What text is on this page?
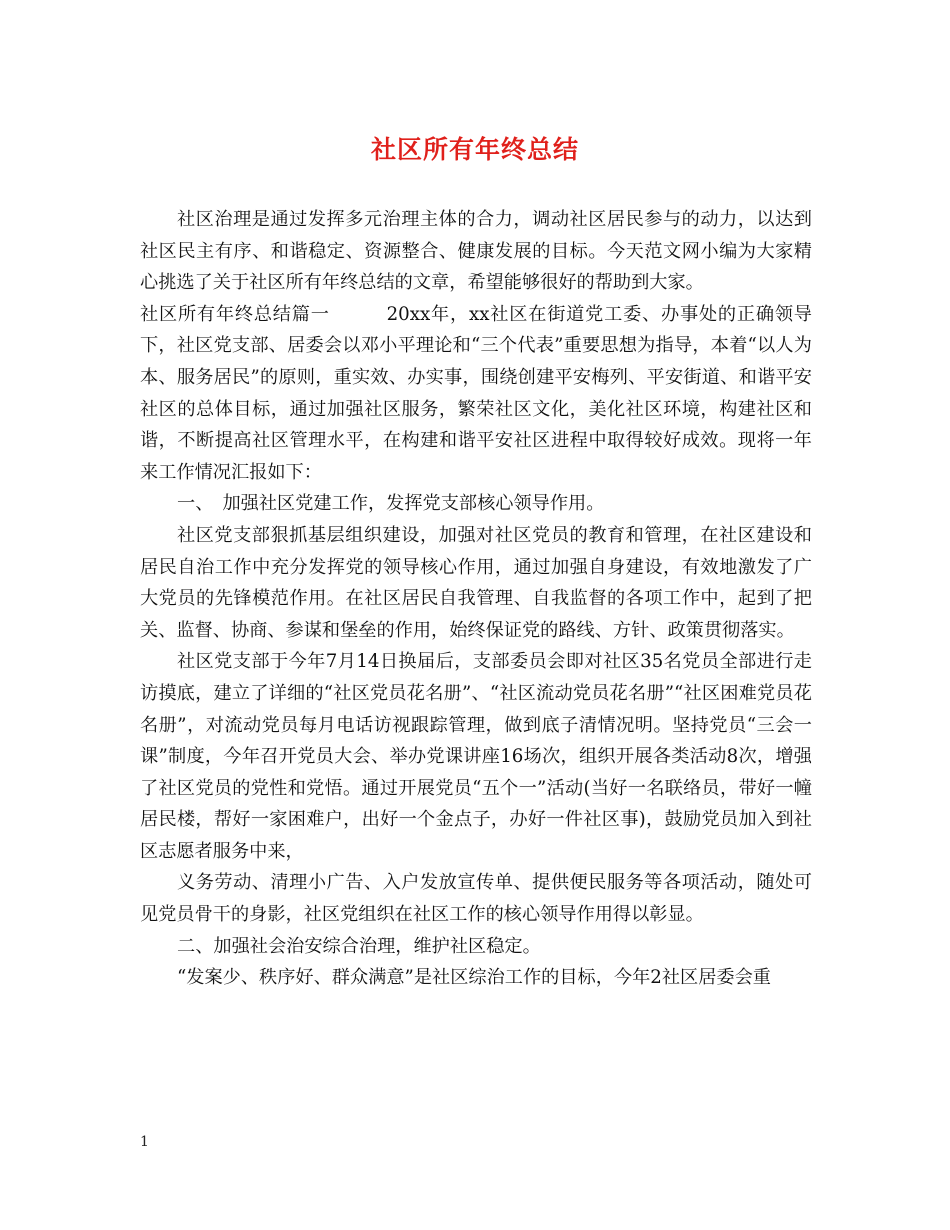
社区所有年终总结

社区治理是通过发挥多元治理主体的合力，调动社区居民参与的动力，以达到社区民主有序、和谐稳定、资源整合、健康发展的目标。今天范文网小编为大家精心挑选了关于社区所有年终总结的文章，希望能够很好的帮助到大家。

社区所有年终总结篇一　　　20xx年，xx社区在街道党工委、办事处的正确领导下，社区党支部、居委会以邓小平理论和“三个代表”重要思想为指导，本着“以人为本、服务居民”的原则，重实效、办实事，围绕创建平安梅列、平安街道、和谐平安社区的总体目标，通过加强社区服务，繁荣社区文化，美化社区环境，构建社区和谐，不断提高社区管理水平，在构建和谐平安社区进程中取得较好成效。现将一年来工作情况汇报如下：

一、　加强社区党建工作，发挥党支部核心领导作用。

社区党支部狠抓基层组织建设，加强对社区党员的教育和管理，在社区建设和居民自治工作中充分发挥党的领导核心作用，通过加强自身建设，有效地激发了广大党员的先锋模范作用。在社区居民自我管理、自我监督的各项工作中，起到了把关、监督、协商、参谋和堡垒的作用，始终保证党的路线、方针、政策贯彻落实。

社区党支部于今年7月14日换届后，支部委员会即对社区35名党员全部进行走访摸底，建立了详细的“社区党员花名册”、“社区流动党员花名册”“社区困难党员花名册”，对流动党员每月电话访视跟踪管理，做到底子清情况明。坚持党员“三会一课”制度，今年召开党员大会、举办党课讲座16场次，组织开展各类活动8次，增强了社区党员的党性和党悟。通过开展党员“五个一”活动(当好一名联络员，带好一幢居民楼，帮好一家困难户，出好一个金点子，办好一件社区事)，鼓励党员加入到社区志愿者服务中来，

义务劳动、清理小广告、入户发放宣传单、提供便民服务等各项活动，随处可见党员骨干的身影，社区党组织在社区工作的核心领导作用得以彰显。

二、加强社会治安综合治理，维护社区稳定。

“发案少、秩序好、群众满意”是社区综治工作的目标，今年2社区居委会重

1
